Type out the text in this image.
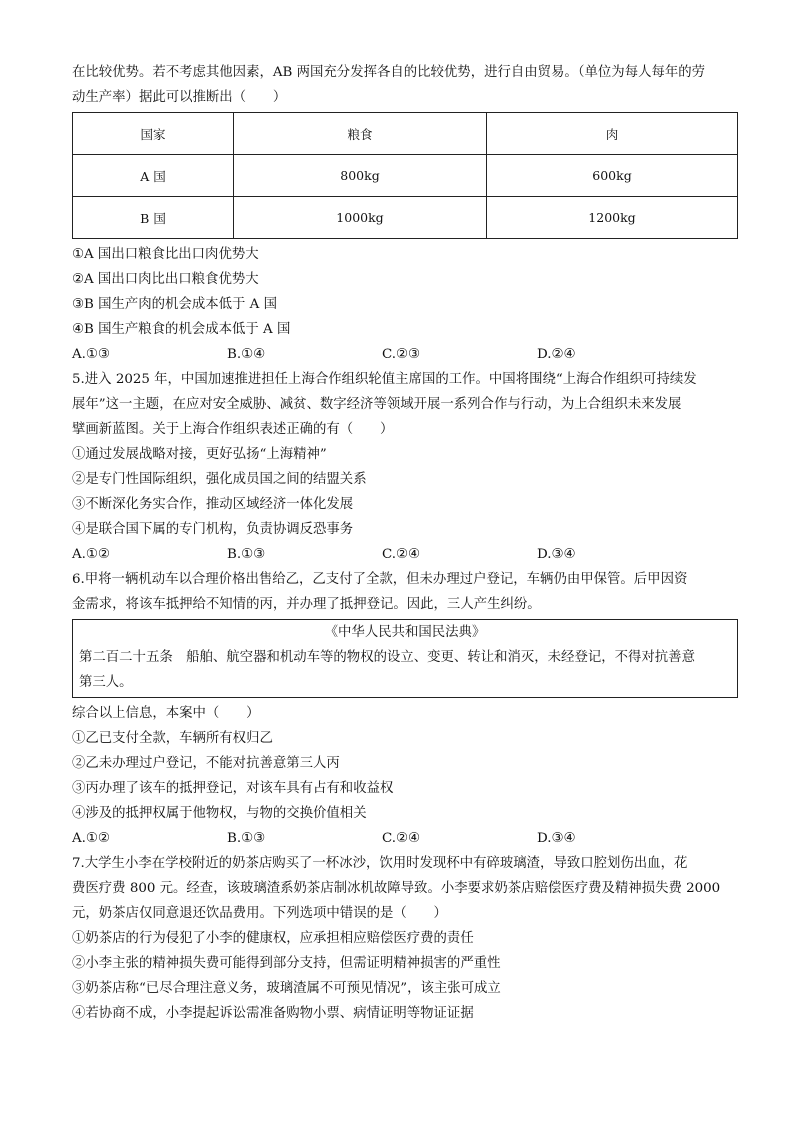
在比较优势。若不考虑其他因素，AB 两国充分发挥各自的比较优势，进行自由贸易。（单位为每人每年的劳
动生产率）据此可以推断出（　　）
国家	粮食	肉
A 国	800kg	600kg
B 国	1000kg	1200kg
①A 国出口粮食比出口肉优势大
②A 国出口肉比出口粮食优势大
③B 国生产肉的机会成本低于 A 国
④B 国生产粮食的机会成本低于 A 国
A.①③	B.①④	C.②③	D.②④
5.进入 2025 年，中国加速推进担任上海合作组织轮值主席国的工作。中国将围绕“上海合作组织可持续发
展年”这一主题，在应对安全威胁、减贫、数字经济等领域开展一系列合作与行动，为上合组织未来发展
擘画新蓝图。关于上海合作组织表述正确的有（　　）
①通过发展战略对接，更好弘扬“上海精神”
②是专门性国际组织，强化成员国之间的结盟关系
③不断深化务实合作，推动区域经济一体化发展
④是联合国下属的专门机构，负责协调反恐事务
A.①②	B.①③	C.②④	D.③④
6.甲将一辆机动车以合理价格出售给乙，乙支付了全款，但未办理过户登记，车辆仍由甲保管。后甲因资
金需求，将该车抵押给不知情的丙，并办理了抵押登记。因此，三人产生纠纷。
《中华人民共和国民法典》
第二百二十五条　船舶、航空器和机动车等的物权的设立、变更、转让和消灭，未经登记，不得对抗善意
第三人。
综合以上信息，本案中（　　）
①乙已支付全款，车辆所有权归乙
②乙未办理过户登记，不能对抗善意第三人丙
③丙办理了该车的抵押登记，对该车具有占有和收益权
④涉及的抵押权属于他物权，与物的交换价值相关
A.①②	B.①③	C.②④	D.③④
7.大学生小李在学校附近的奶茶店购买了一杯冰沙，饮用时发现杯中有碎玻璃渣，导致口腔划伤出血，花
费医疗费 800 元。经查，该玻璃渣系奶茶店制冰机故障导致。小李要求奶茶店赔偿医疗费及精神损失费 2000
元，奶茶店仅同意退还饮品费用。下列选项中错误的是（　　）
①奶茶店的行为侵犯了小李的健康权，应承担相应赔偿医疗费的责任
②小李主张的精神损失费可能得到部分支持，但需证明精神损害的严重性
③奶茶店称“已尽合理注意义务，玻璃渣属不可预见情况”，该主张可成立
④若协商不成，小李提起诉讼需准备购物小票、病情证明等物证证据
